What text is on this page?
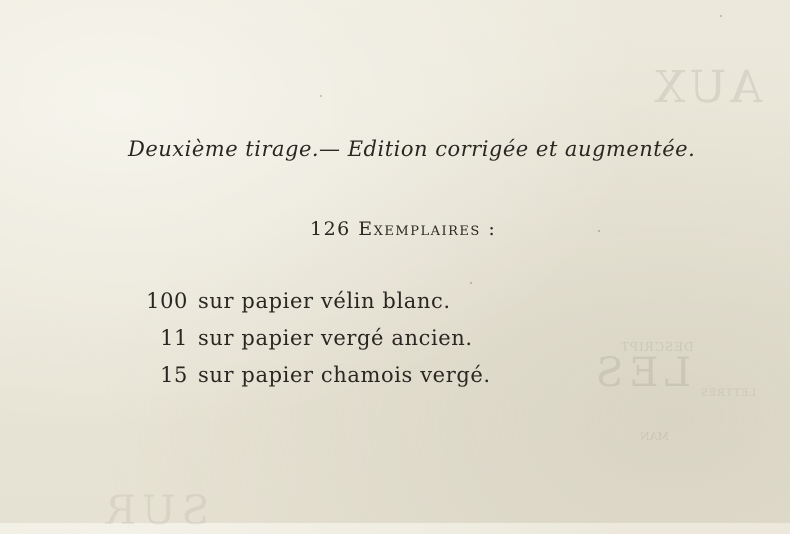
AUX
LES
DESCRIPT
LETTRES
MAN
SUR
Deuxième tirage.— Edition corrigée et augmentée.
126 Exemplaires :
100 sur papier vélin blanc.
11 sur papier vergé ancien.
15 sur papier chamois vergé.
